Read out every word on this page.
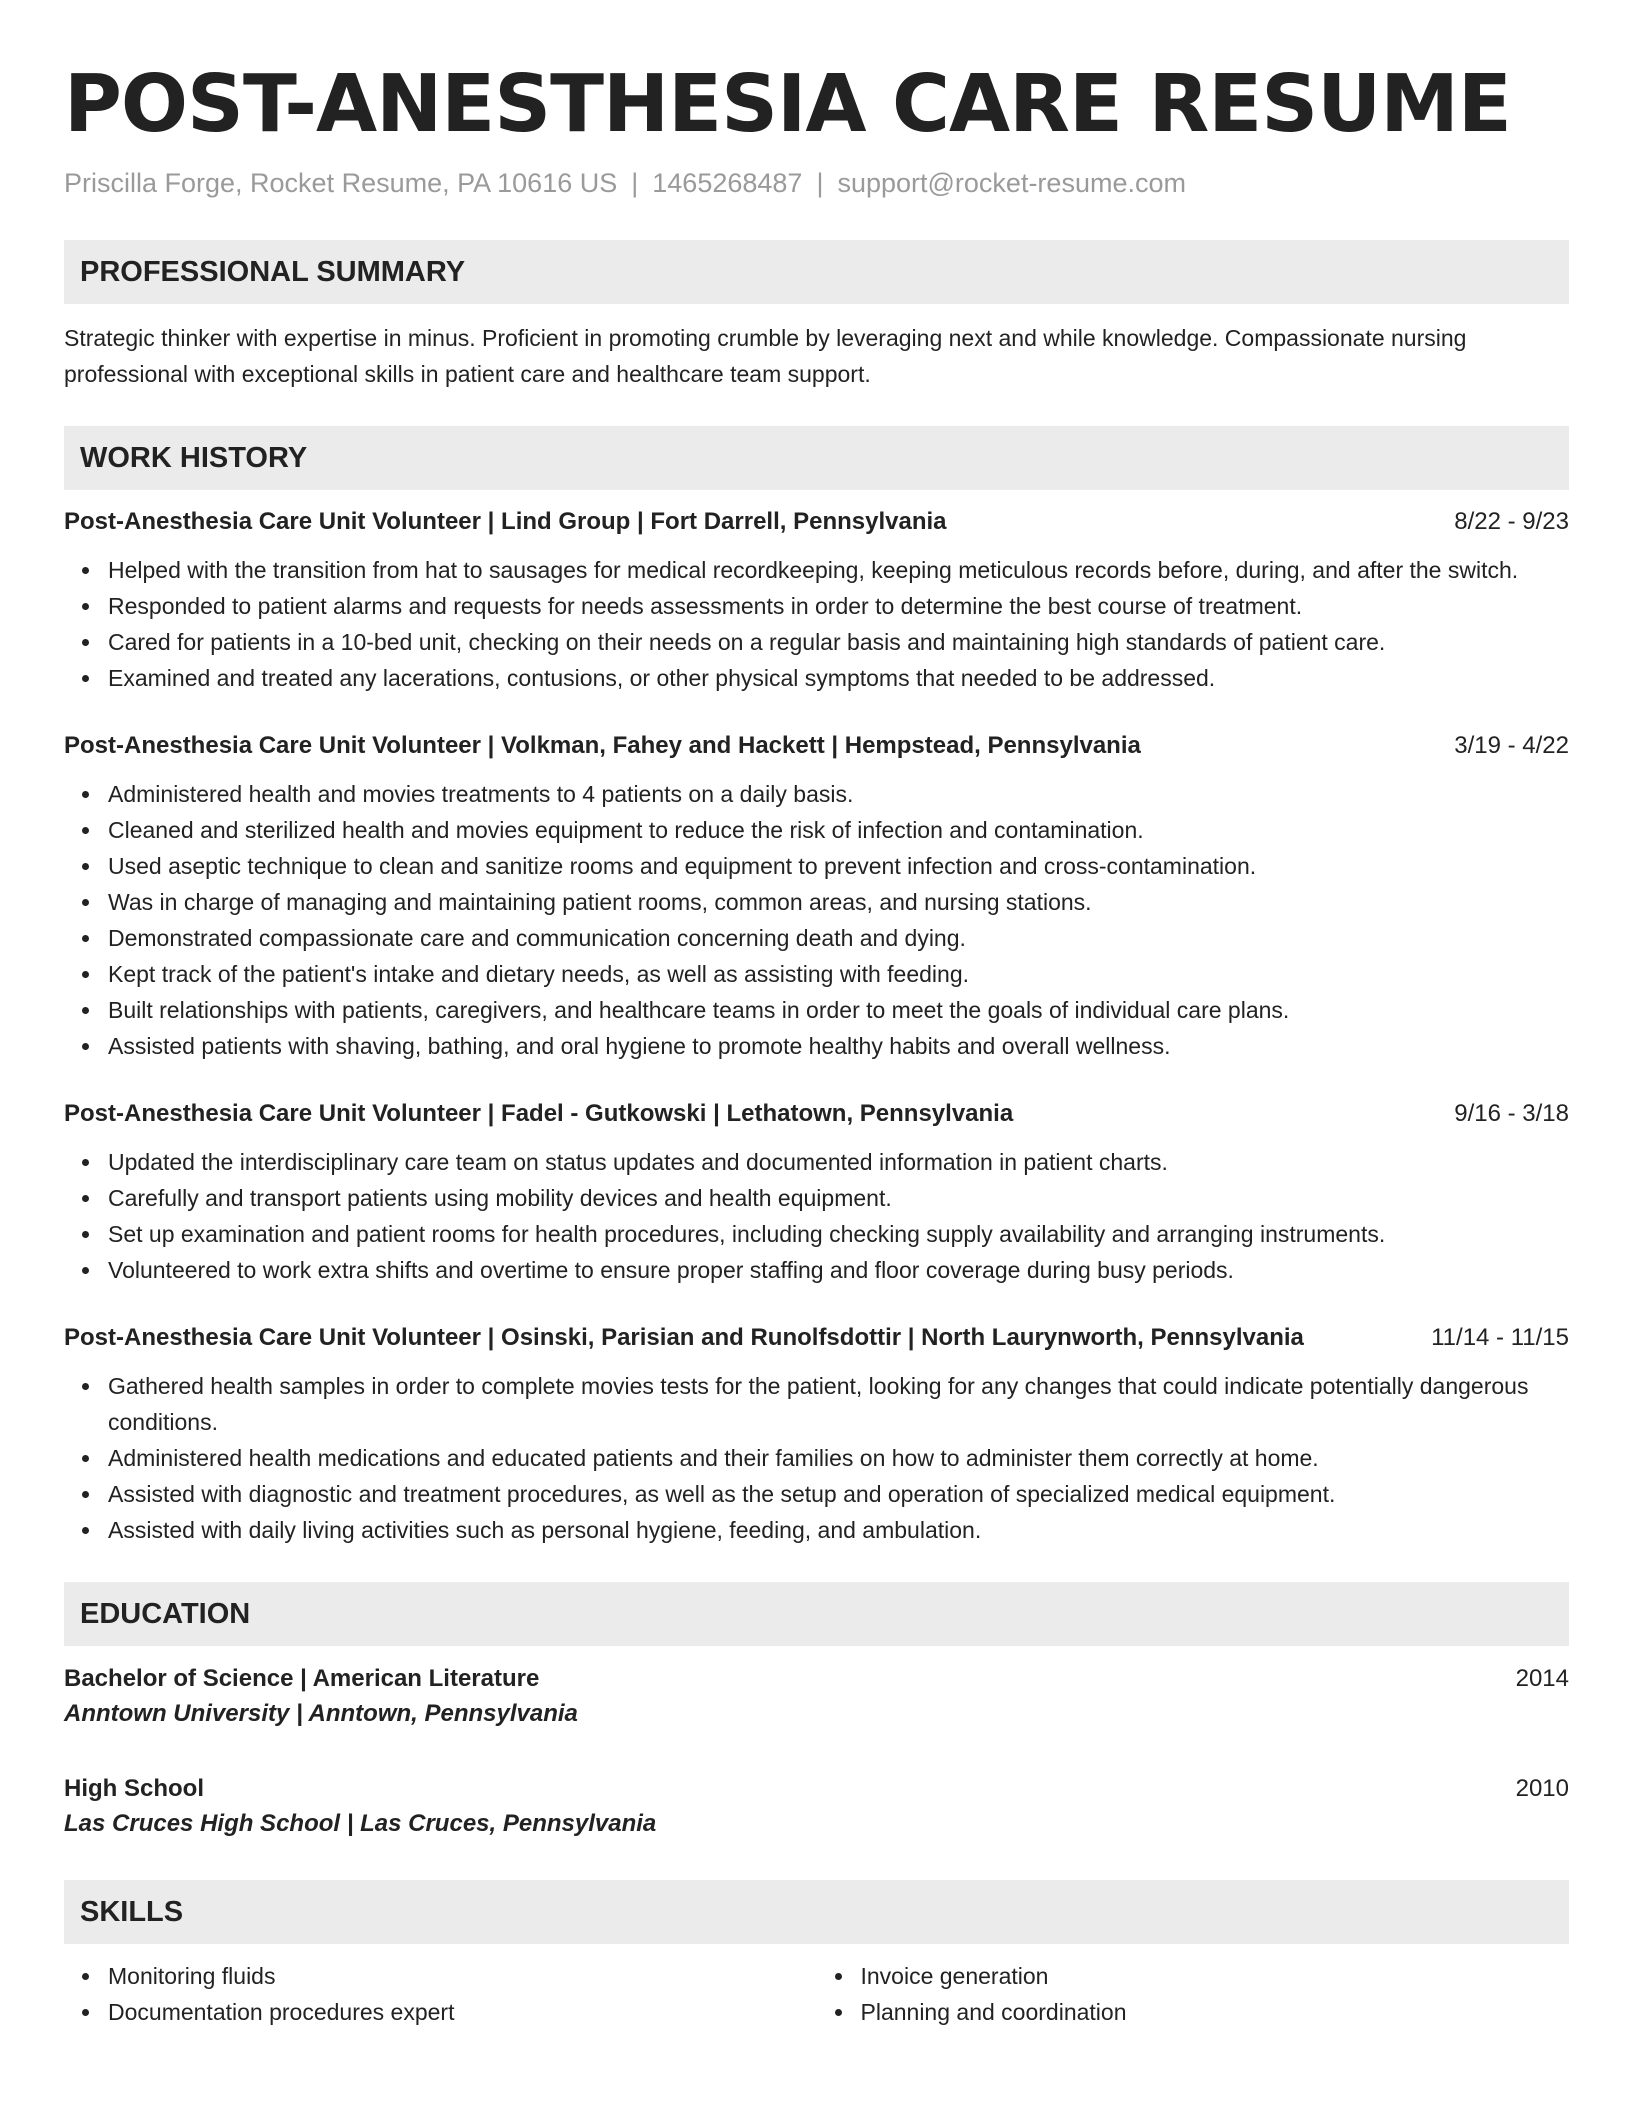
POST-ANESTHESIA CARE RESUME
Priscilla Forge, Rocket Resume, PA 10616 US | 1465268487 | support@rocket-resume.com
PROFESSIONAL SUMMARY
Strategic thinker with expertise in minus. Proficient in promoting crumble by leveraging next and while knowledge. Compassionate nursing professional with exceptional skills in patient care and healthcare team support.
WORK HISTORY
Post-Anesthesia Care Unit Volunteer | Lind Group | Fort Darrell, Pennsylvania	8/22 - 9/23
Helped with the transition from hat to sausages for medical recordkeeping, keeping meticulous records before, during, and after the switch.
Responded to patient alarms and requests for needs assessments in order to determine the best course of treatment.
Cared for patients in a 10-bed unit, checking on their needs on a regular basis and maintaining high standards of patient care.
Examined and treated any lacerations, contusions, or other physical symptoms that needed to be addressed.
Post-Anesthesia Care Unit Volunteer | Volkman, Fahey and Hackett | Hempstead, Pennsylvania	3/19 - 4/22
Administered health and movies treatments to 4 patients on a daily basis.
Cleaned and sterilized health and movies equipment to reduce the risk of infection and contamination.
Used aseptic technique to clean and sanitize rooms and equipment to prevent infection and cross-contamination.
Was in charge of managing and maintaining patient rooms, common areas, and nursing stations.
Demonstrated compassionate care and communication concerning death and dying.
Kept track of the patient's intake and dietary needs, as well as assisting with feeding.
Built relationships with patients, caregivers, and healthcare teams in order to meet the goals of individual care plans.
Assisted patients with shaving, bathing, and oral hygiene to promote healthy habits and overall wellness.
Post-Anesthesia Care Unit Volunteer | Fadel - Gutkowski | Lethatown, Pennsylvania	9/16 - 3/18
Updated the interdisciplinary care team on status updates and documented information in patient charts.
Carefully and transport patients using mobility devices and health equipment.
Set up examination and patient rooms for health procedures, including checking supply availability and arranging instruments.
Volunteered to work extra shifts and overtime to ensure proper staffing and floor coverage during busy periods.
Post-Anesthesia Care Unit Volunteer | Osinski, Parisian and Runolfsdottir | North Laurynworth, Pennsylvania	11/14 - 11/15
Gathered health samples in order to complete movies tests for the patient, looking for any changes that could indicate potentially dangerous conditions.
Administered health medications and educated patients and their families on how to administer them correctly at home.
Assisted with diagnostic and treatment procedures, as well as the setup and operation of specialized medical equipment.
Assisted with daily living activities such as personal hygiene, feeding, and ambulation.
EDUCATION
Bachelor of Science | American Literature	2014
Anntown University | Anntown, Pennsylvania
High School	2010
Las Cruces High School | Las Cruces, Pennsylvania
SKILLS
Monitoring fluids
Documentation procedures expert
Invoice generation
Planning and coordination
